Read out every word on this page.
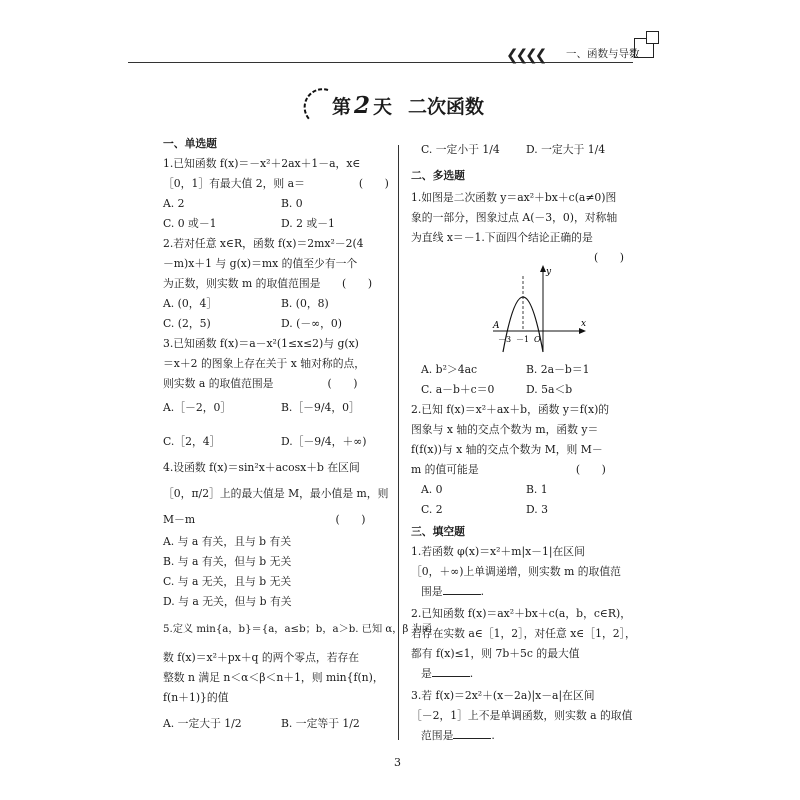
❮❮❮❮ 一、函数与导数
第 2 天 二次函数
一、单选题
1.已知函数 f(x)＝－x²＋2ax＋1－a，x∈
［0，1］有最大值 2，则 a＝　　　　　(　　)
A. 2	B. 0
C. 0 或－1	D. 2 或－1
2.若对任意 x∈R，函数 f(x)＝2mx²－2(4
－m)x＋1 与 g(x)＝mx 的值至少有一个
为正数，则实数 m 的取值范围是　　(　　)
A. (0，4］	B. (0，8)
C. (2，5)	D. (－∞，0)
3.已知函数 f(x)＝a－x²(1≤x≤2)与 g(x)
＝x＋2 的图象上存在关于 x 轴对称的点，
则实数 a 的取值范围是　　　　　(　　)
A.［－2，0］	B.［－9/4，0］
C.［2，4］	D.［－9/4，＋∞)
4.设函数 f(x)＝sin²x＋acosx＋b 在区间
［0，π/2］上的最大值是 M，最小值是 m，则
M－m　　　　　　　　　　　　　(　　)
A. 与 a 有关，且与 b 有关
B. 与 a 有关，但与 b 无关
C. 与 a 无关，且与 b 无关
D. 与 a 无关，但与 b 有关
5.定义 min{a，b}＝{a，a≤b；b，a＞b. 已知 α，β 为函
数 f(x)＝x²＋px＋q 的两个零点，若存在
整数 n 满足 n＜α＜β＜n＋1，则 min{f(n)，
f(n＋1)}的值
A. 一定大于 1/2	B. 一定等于 1/2
C. 一定小于 1/4 D. 一定大于 1/4
二、多选题
1.如图是二次函数 y＝ax²＋bx＋c(a≠0)图
象的一部分，图象过点 A(－3，0)，对称轴
为直线 x＝－1.下面四个结论正确的是
(　　)
y
x
A
－3 －1 O
A. b²＞4ac	B. 2a－b＝1
C. a－b＋c＝0	D. 5a＜b
2.已知 f(x)＝x²＋ax＋b，函数 y＝f(x)的
图象与 x 轴的交点个数为 m，函数 y＝
f(f(x))与 x 轴的交点个数为 M，则 M－
m 的值可能是　　　　　　　　　(　　)
A. 0	B. 1
C. 2	D. 3
三、填空题
1.若函数 φ(x)＝x²＋m|x－1|在区间
［0，＋∞)上单调递增，则实数 m 的取值范
围是	.
2.已知函数 f(x)＝ax²＋bx＋c(a，b，c∈R)，
若存在实数 a∈［1，2］，对任意 x∈［1，2］，
都有 f(x)≤1，则 7b＋5c 的最大值
是	.
3.若 f(x)＝2x²＋(x－2a)|x－a|在区间
［－2，1］上不是单调函数，则实数 a 的取值
范围是	.
3
